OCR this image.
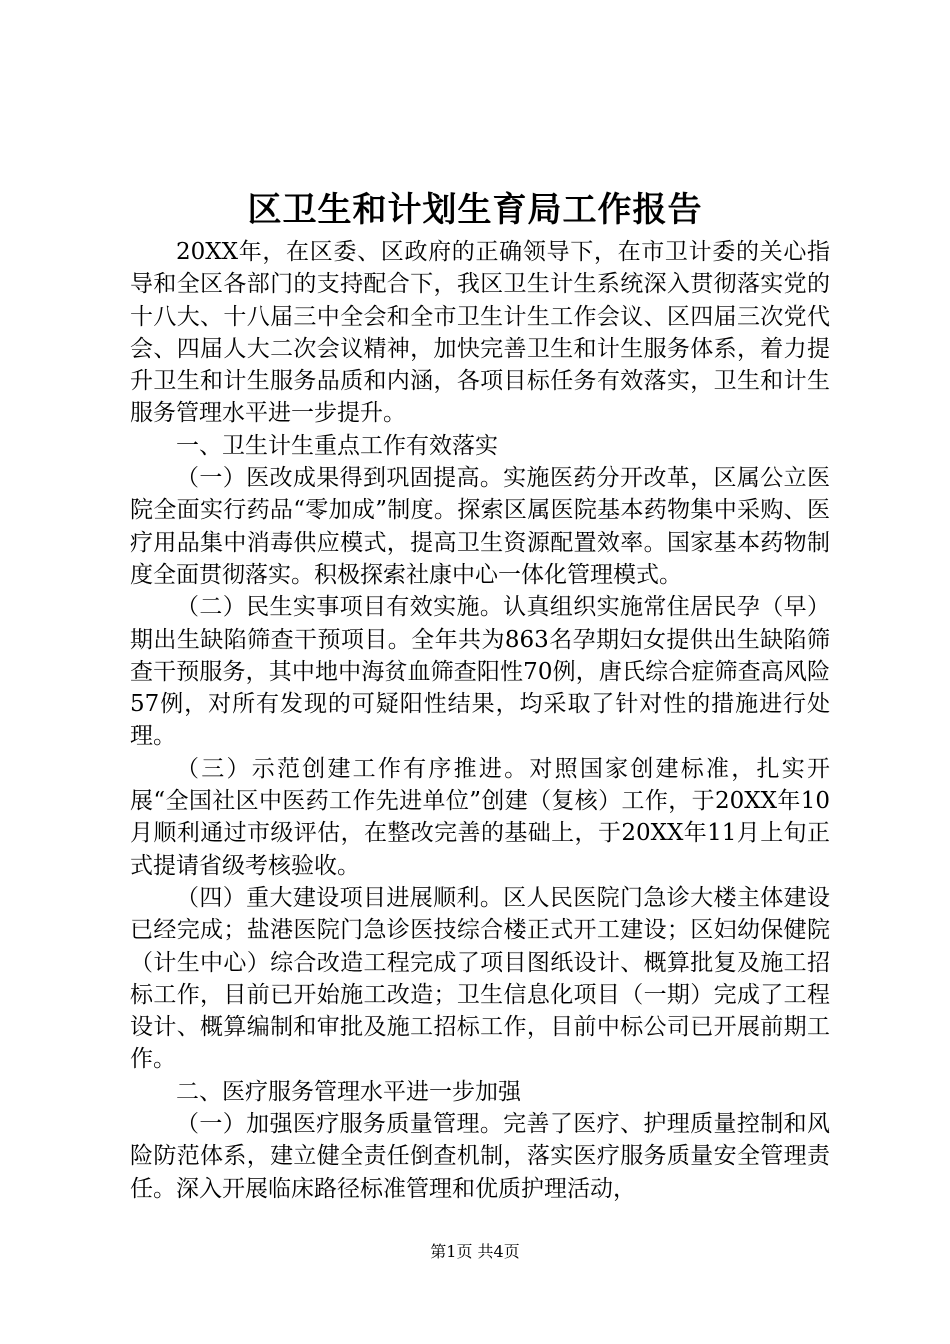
区卫生和计划生育局工作报告

20XX年，在区委、区政府的正确领导下，在市卫计委的关心指导和全区各部门的支持配合下，我区卫生计生系统深入贯彻落实党的十八大、十八届三中全会和全市卫生计生工作会议、区四届三次党代会、四届人大二次会议精神，加快完善卫生和计生服务体系，着力提升卫生和计生服务品质和内涵，各项目标任务有效落实，卫生和计生服务管理水平进一步提升。

一、卫生计生重点工作有效落实

（一）医改成果得到巩固提高。实施医药分开改革，区属公立医院全面实行药品“零加成”制度。探索区属医院基本药物集中采购、医疗用品集中消毒供应模式，提高卫生资源配置效率。国家基本药物制度全面贯彻落实。积极探索社康中心一体化管理模式。

（二）民生实事项目有效实施。认真组织实施常住居民孕（早）期出生缺陷筛查干预项目。全年共为863名孕期妇女提供出生缺陷筛查干预服务，其中地中海贫血筛查阳性70例，唐氏综合症筛查高风险57例，对所有发现的可疑阳性结果，均采取了针对性的措施进行处理。

（三）示范创建工作有序推进。对照国家创建标准，扎实开展“全国社区中医药工作先进单位”创建（复核）工作，于20XX年10月顺利通过市级评估，在整改完善的基础上，于20XX年11月上旬正式提请省级考核验收。

（四）重大建设项目进展顺利。区人民医院门急诊大楼主体建设已经完成；盐港医院门急诊医技综合楼正式开工建设；区妇幼保健院（计生中心）综合改造工程完成了项目图纸设计、概算批复及施工招标工作，目前已开始施工改造；卫生信息化项目（一期）完成了工程设计、概算编制和审批及施工招标工作，目前中标公司已开展前期工作。

二、医疗服务管理水平进一步加强

（一）加强医疗服务质量管理。完善了医疗、护理质量控制和风险防范体系，建立健全责任倒查机制，落实医疗服务质量安全管理责任。深入开展临床路径标准管理和优质护理活动，

第1页 共4页
